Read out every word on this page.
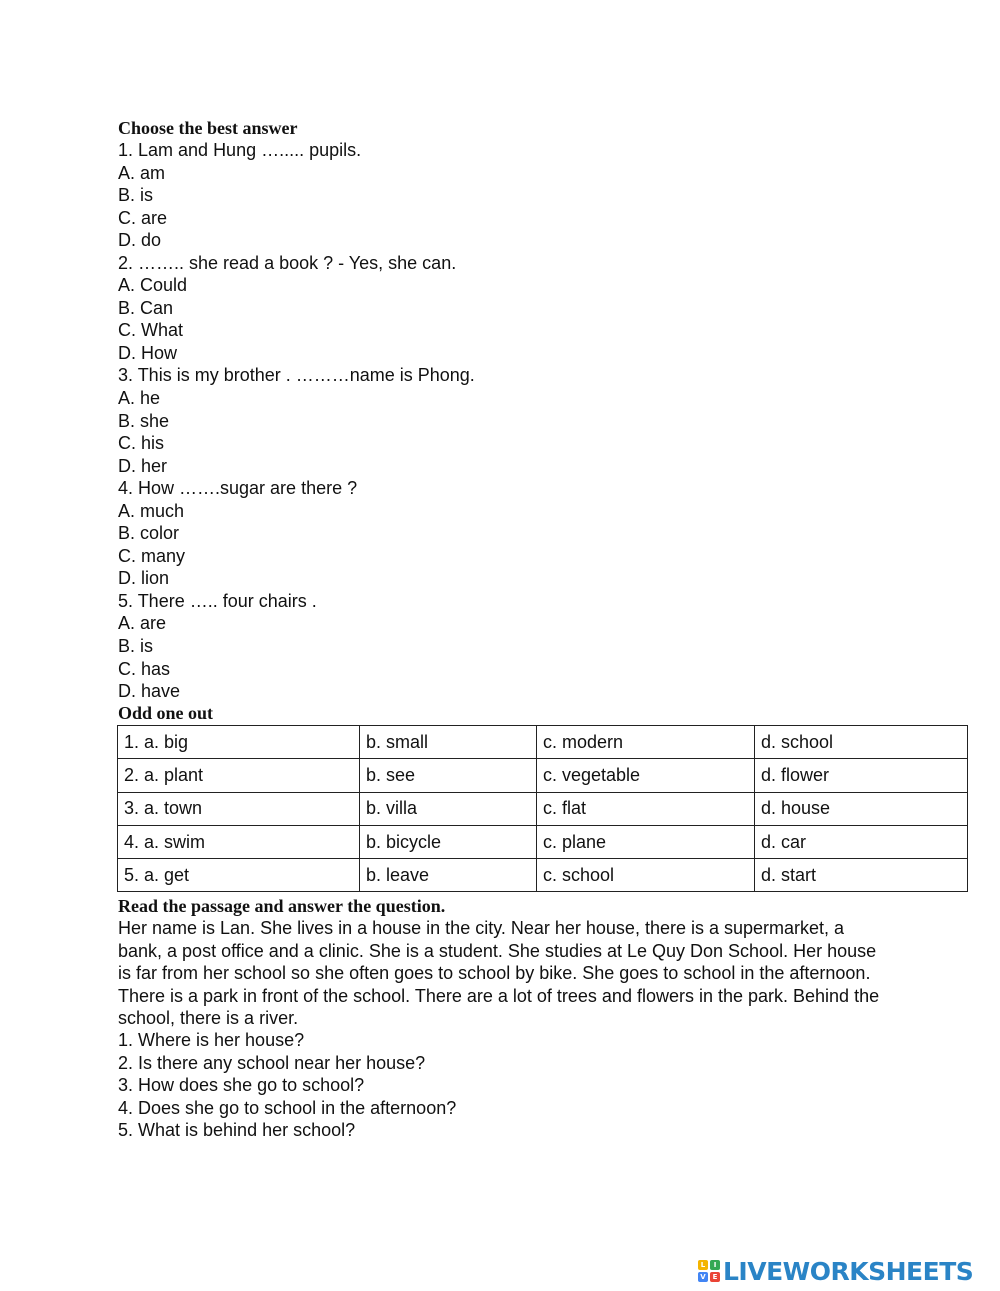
Choose the best answer
1. Lam and Hung …..... pupils.
A. am
B. is
C. are
D. do
2. …….. she read a book ? - Yes, she can.
A. Could
B. Can
C. What
D. How
3. This is my brother . ………name is Phong.
A. he
B. she
C. his
D. her
4. How …….sugar are there ?
A. much
B. color
C. many
D. lion
5. There ….. four chairs .
A. are
B. is
C. has
D. have
Odd one out
1. a. big	b. small	c. modern	d. school
2. a. plant	b. see	c. vegetable	d. flower
3. a. town	b. villa	c. flat	d. house
4. a. swim	b. bicycle	c. plane	d. car
5. a. get	b. leave	c. school	d. start
Read the passage and answer the question.

Her name is Lan. She lives in a house in the city. Near her house, there is a supermarket, a bank, a post office and a clinic. She is a student. She studies at Le Quy Don School. Her house is far from her school so she often goes to school by bike. She goes to school in the afternoon. There is a park in front of the school. There are a lot of trees and flowers in the park. Behind the school, there is a river.

1. Where is her house?
2. Is there any school near her house?
3. How does she go to school?
4. Does she go to school in the afternoon?
5. What is behind her school?
L	I
V E LIVEWORKSHEETS
